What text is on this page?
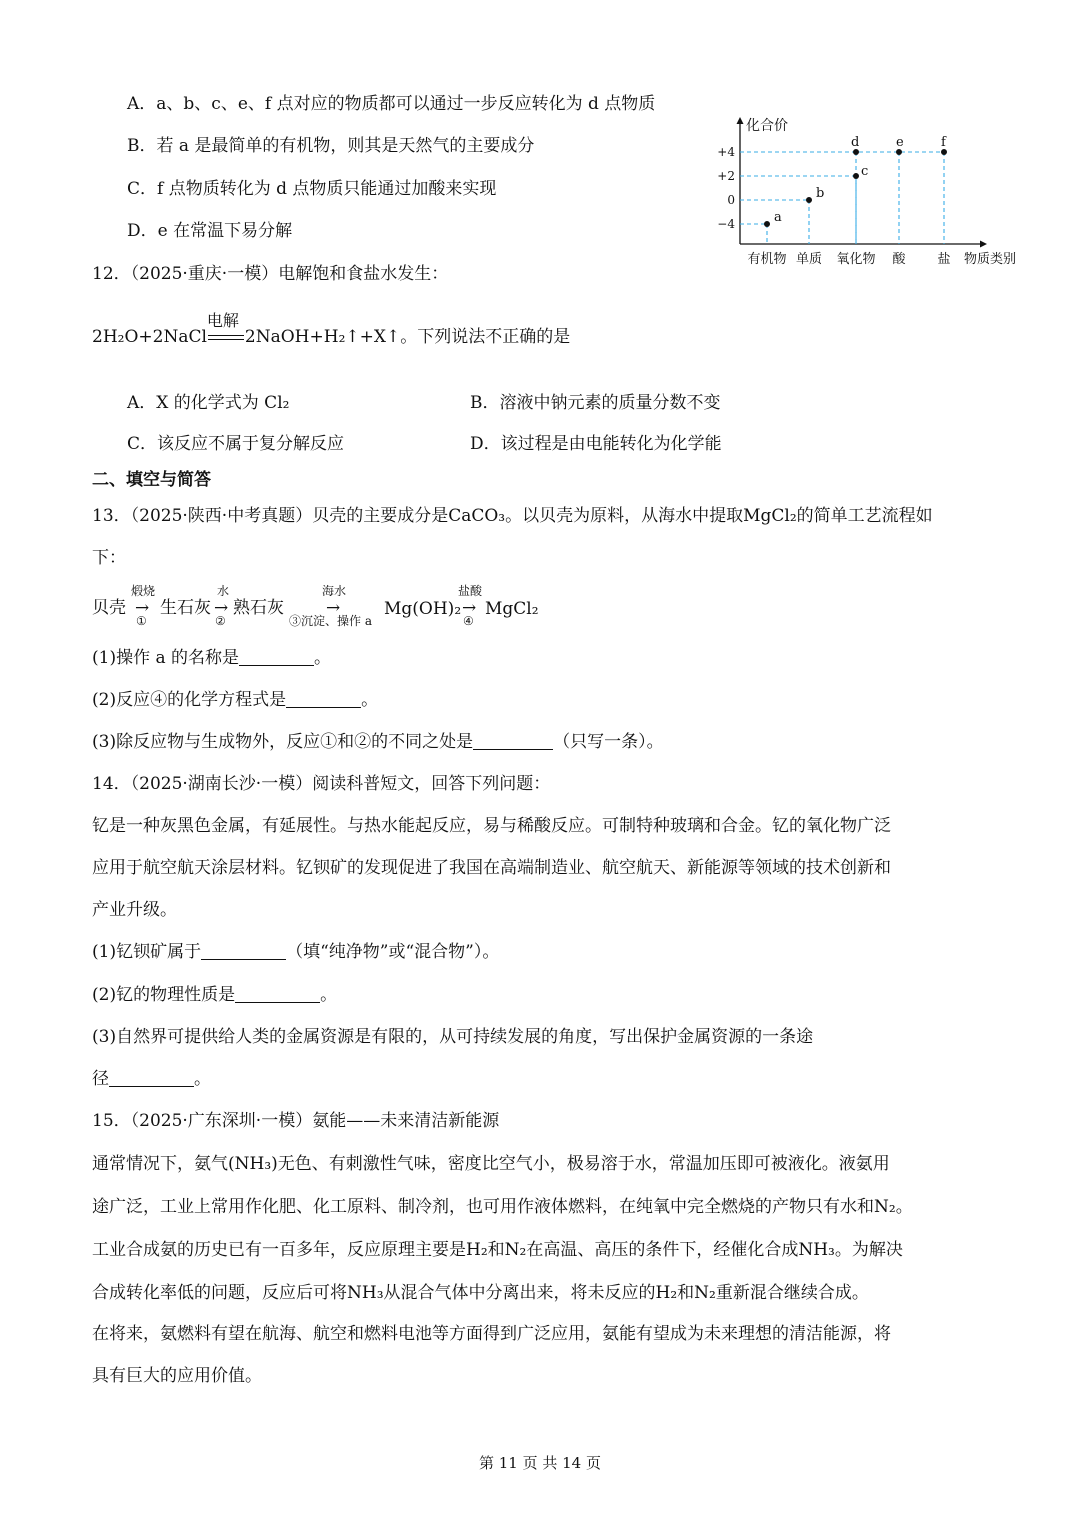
A．a、b、c、e、f 点对应的物质都可以通过一步反应转化为 d 点物质
B．若 a 是最简单的有机物，则其是天然气的主要成分
C．f 点物质转化为 d 点物质只能通过加酸来实现
D．e 在常温下易分解
化合价
+4
+2
0
−4	a
b
c
d	e	f
有机物 单质 氧化物 酸 盐 物质类别
12．（2025·重庆·一模）电解饱和食盐水发生：
2H₂O+2NaCl
电解
2NaOH+H₂↑+X↑。下列说法不正确的是
A．X 的化学式为 Cl₂	B．溶液中钠元素的质量分数不变
C．该反应不属于复分解反应	D．该过程是由电能转化为化学能
二、填空与简答
13．（2025·陕西·中考真题）贝壳的主要成分是CaCO₃。以贝壳为原料，从海水中提取MgCl₂的简单工艺流程如
下：
贝壳
煅烧
→
①
生石灰
水
→
②
熟石灰
海水
→
③沉淀、操作 a
Mg(OH)₂
盐酸
→
④
MgCl₂
(1)操作 a 的名称是	。
(2)反应④的化学方程式是	。
(3)除反应物与生成物外，反应①和②的不同之处是	（只写一条）。
14．（2025·湖南长沙·一模）阅读科普短文，回答下列问题：
钇是一种灰黑色金属，有延展性。与热水能起反应，易与稀酸反应。可制特种玻璃和合金。钇的氧化物广泛
应用于航空航天涂层材料。钇钡矿的发现促进了我国在高端制造业、航空航天、新能源等领域的技术创新和
产业升级。
(1)钇钡矿属于	（填“纯净物”或“混合物”）。
(2)钇的物理性质是	。
(3)自然界可提供给人类的金属资源是有限的，从可持续发展的角度，写出保护金属资源的一条途
径	。
15．（2025·广东深圳·一模）氨能——未来清洁新能源
通常情况下，氨气(NH₃)无色、有刺激性气味，密度比空气小，极易溶于水，常温加压即可被液化。液氨用
途广泛，工业上常用作化肥、化工原料、制冷剂，也可用作液体燃料，在纯氧中完全燃烧的产物只有水和N₂。
工业合成氨的历史已有一百多年，反应原理主要是H₂和N₂在高温、高压的条件下，经催化合成NH₃。为解决
合成转化率低的问题，反应后可将NH₃从混合气体中分离出来，将未反应的H₂和N₂重新混合继续合成。
在将来，氨燃料有望在航海、航空和燃料电池等方面得到广泛应用，氨能有望成为未来理想的清洁能源，将
具有巨大的应用价值。
第 11 页 共 14 页
